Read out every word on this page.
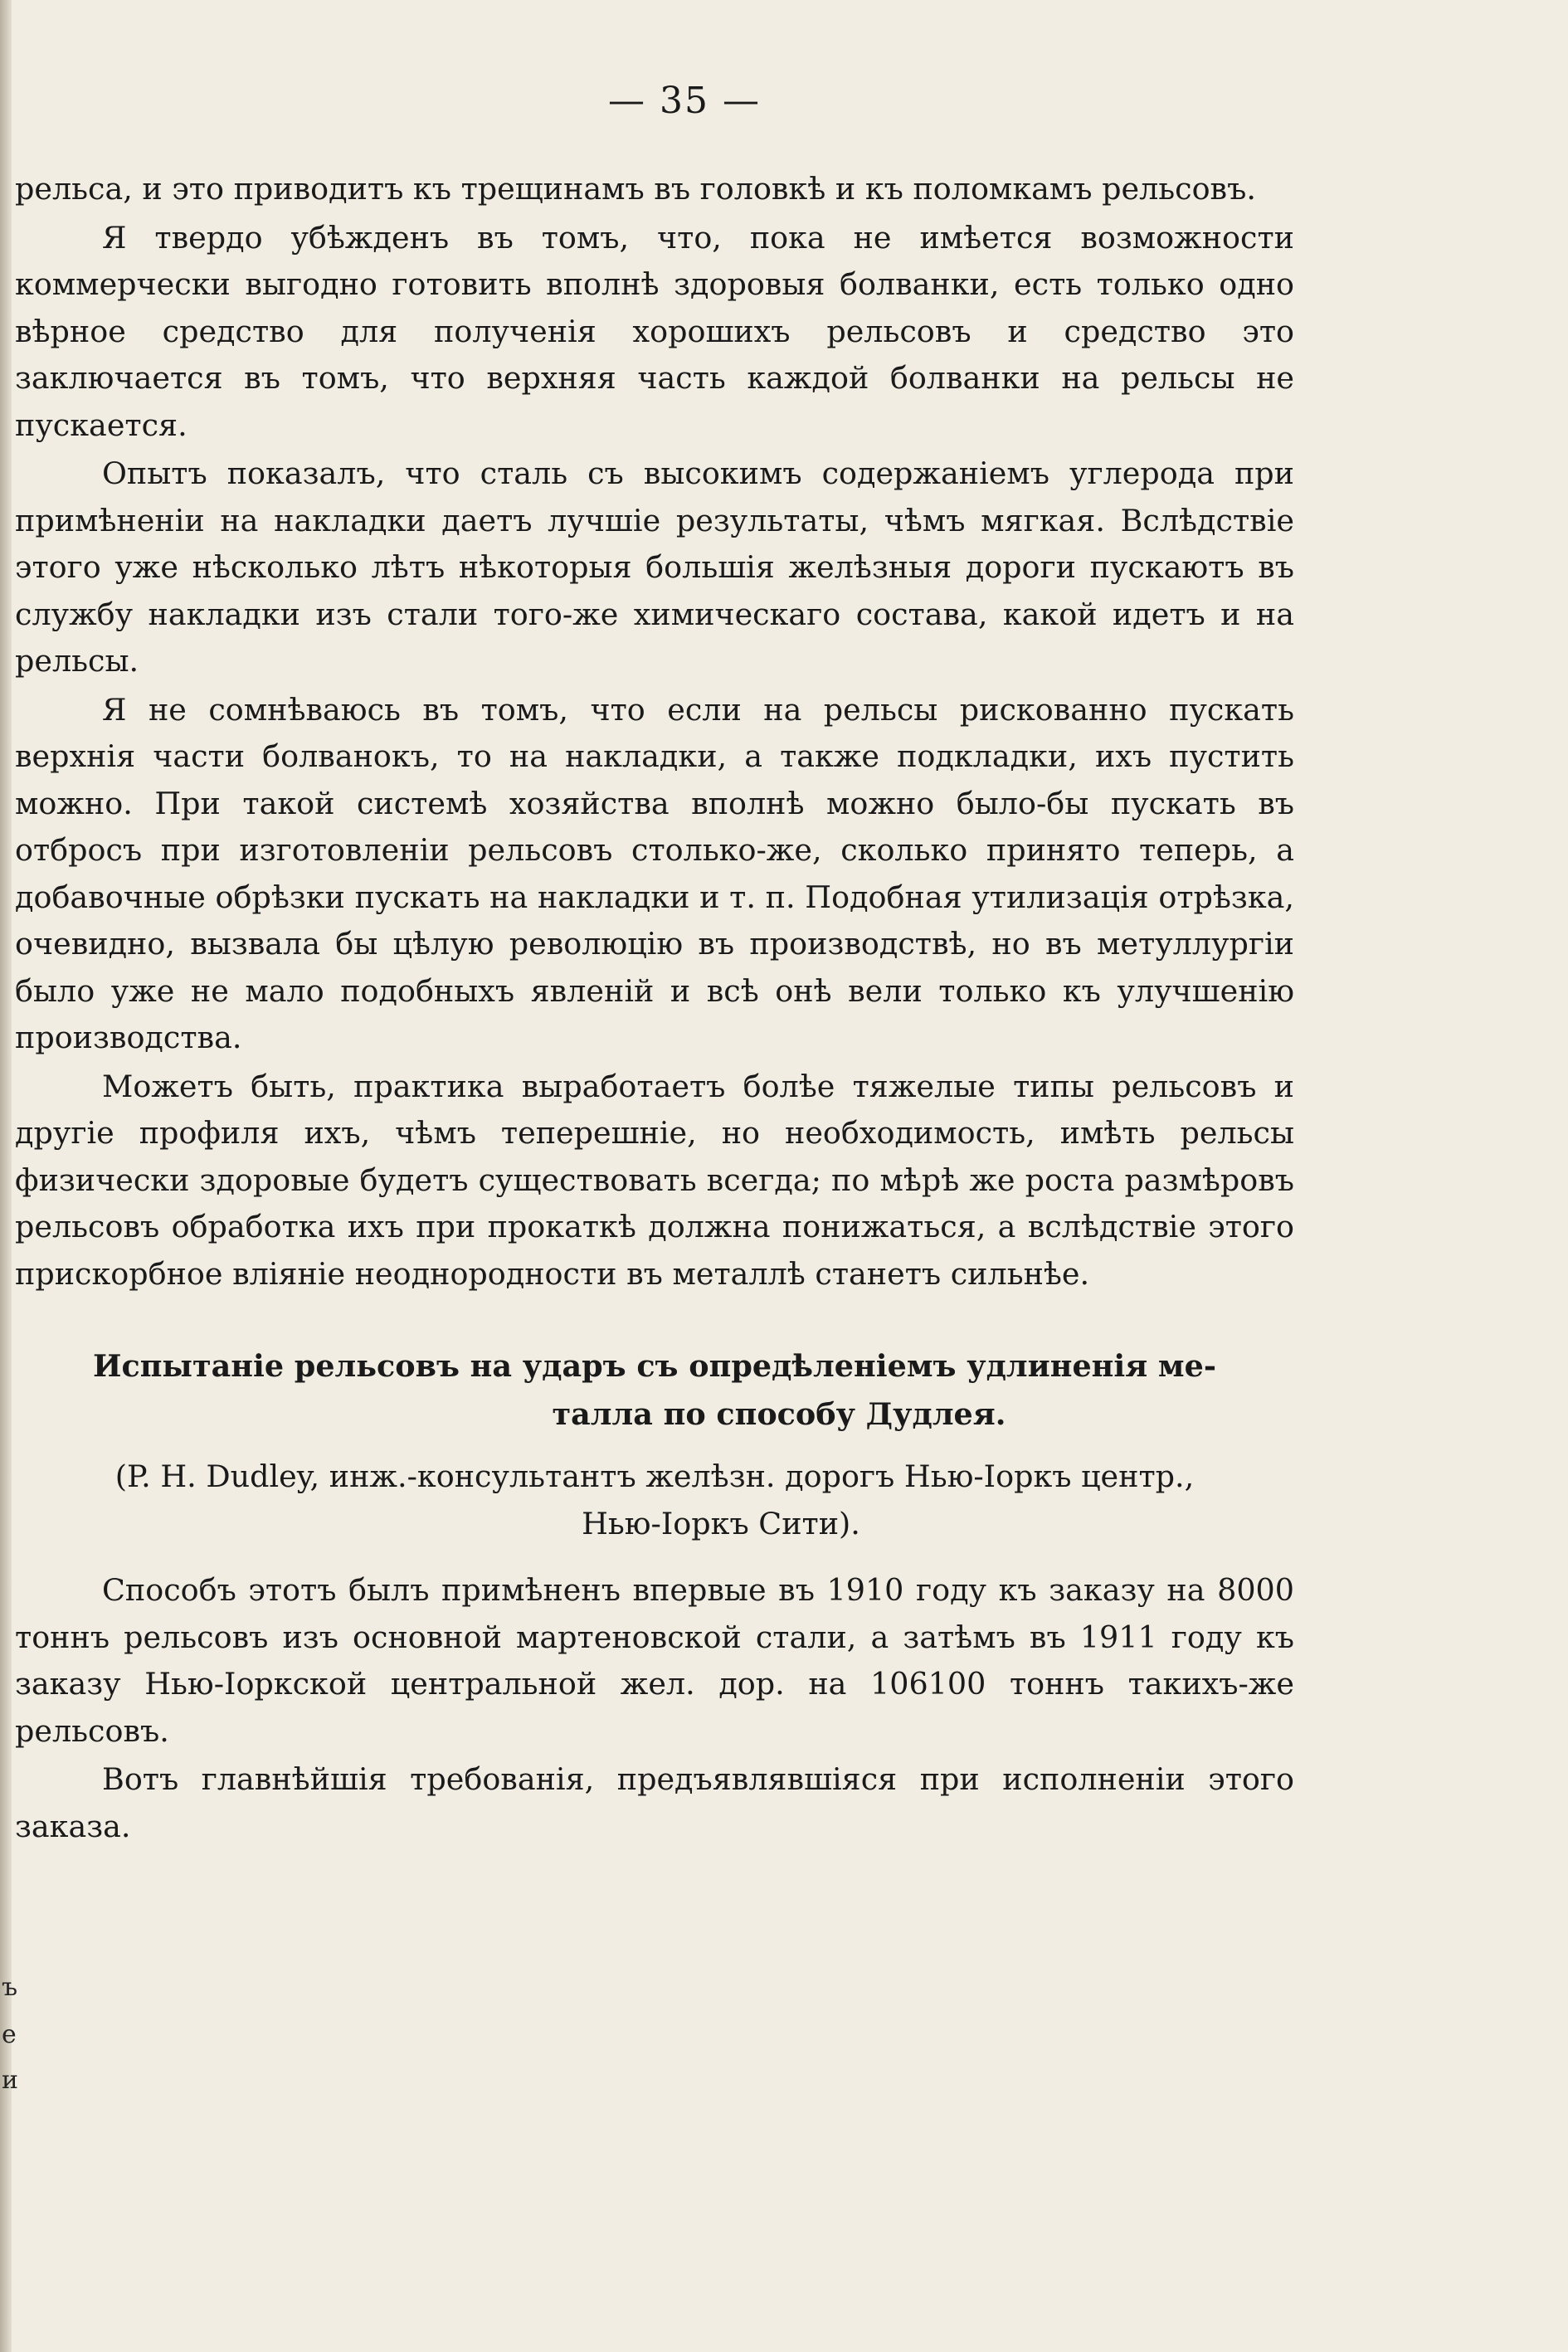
— 35 —

рельса, и это приводитъ къ трещинамъ въ головкѣ и къ поломкамъ рельсовъ.

Я твердо убѣжденъ въ томъ, что, пока не имѣется возможности коммерчески выгодно готовить вполнѣ здоровыя болванки, есть только одно вѣрное средство для полученія хорошихъ рельсовъ и средство это заключается въ томъ, что верхняя часть каждой болванки на рельсы не пускается.

Опытъ показалъ, что сталь съ высокимъ содержаніемъ углерода при примѣненіи на накладки даетъ лучшіе результаты, чѣмъ мягкая. Вслѣдствіе этого уже нѣсколько лѣтъ нѣкоторыя большія желѣзныя дороги пускаютъ въ службу накладки изъ стали того-же химическаго состава, какой идетъ и на рельсы.

Я не сомнѣваюсь въ томъ, что если на рельсы рискованно пускать верхнія части болванокъ, то на накладки, а также подкладки, ихъ пустить можно. При такой системѣ хозяйства вполнѣ можно было-бы пускать въ отбросъ при изготовленіи рельсовъ столько-же, сколько принято теперь, а добавочные обрѣзки пускать на накладки и т. п. Подобная утилизація отрѣзка, очевидно, вызвала бы цѣлую революцію въ производствѣ, но въ метуллургіи было уже не мало подобныхъ явленій и всѣ онѣ вели только къ улучшенію производства.

Можетъ быть, практика выработаетъ болѣе тяжелые типы рельсовъ и другіе профиля ихъ, чѣмъ теперешніе, но необходимость, имѣть рельсы физически здоровые будетъ существовать всегда; по мѣрѣ же роста размѣровъ рельсовъ обработка ихъ при прокаткѣ должна понижаться, а вслѣдствіе этого прискорбное вліяніе неоднородности въ металлѣ станетъ сильнѣе.

Испытаніе рельсовъ на ударъ съ опредѣленіемъ удлиненія ме-
талла по способу Дудлея.
(P. H. Dudley, инж.-консультантъ желѣзн. дорогъ Нью-Іоркъ центр.,
Нью-Іоркъ Сити).

Способъ этотъ былъ примѣненъ впервые въ 1910 году къ заказу на 8000 тоннъ рельсовъ изъ основной мартеновской стали, а затѣмъ въ 1911 году къ заказу Нью-Іоркской центральной жел. дор. на 106100 тоннъ такихъ-же рельсовъ.

Вотъ главнѣйшія требованія, предъявлявшіяся при исполненіи этого заказа.

ъ
е
и
